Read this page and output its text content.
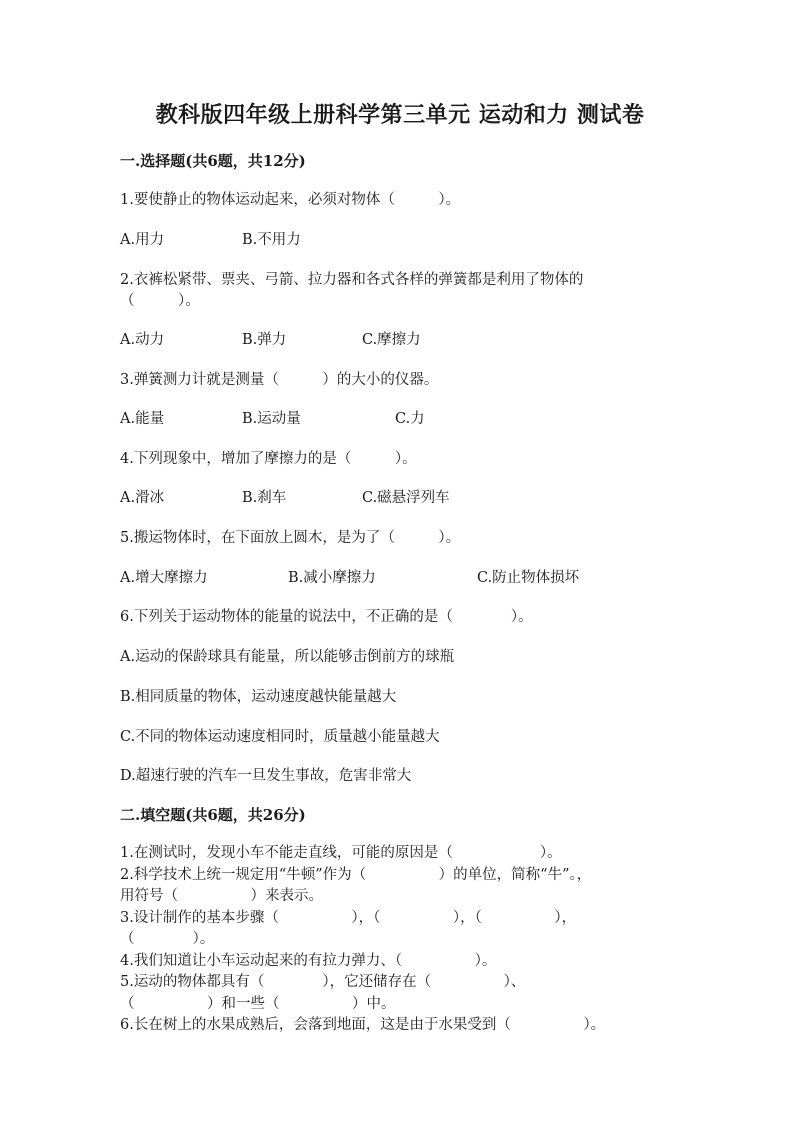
教科版四年级上册科学第三单元 运动和力 测试卷
一.选择题(共6题，共12分)
1.要使静止的物体运动起来，必须对物体（　　　）。
A.用力	B.不用力
2.衣裤松紧带、票夹、弓箭、拉力器和各式各样的弹簧都是利用了物体的
（　　　）。
A.动力	B.弹力	C.摩擦力
3.弹簧测力计就是测量（　　　）的大小的仪器。
A.能量	B.运动量	C.力
4.下列现象中，增加了摩擦力的是（　　　）。
A.滑冰	B.刹车	C.磁悬浮列车
5.搬运物体时，在下面放上圆木，是为了（　　　）。
A.增大摩擦力	B.减小摩擦力	C.防止物体损坏
6.下列关于运动物体的能量的说法中，不正确的是（　　　　）。
A.运动的保龄球具有能量，所以能够击倒前方的球瓶
B.相同质量的物体，运动速度越快能量越大
C.不同的物体运动速度相同时，质量越小能量越大
D.超速行驶的汽车一旦发生事故，危害非常大
二.填空题(共6题，共26分)
1.在测试时，发现小车不能走直线，可能的原因是（　　　　　　）。
2.科学技术上统一规定用“牛顿”作为（　　　　　）的单位，简称“牛”。，
用符号（　　　　　）来表示。
3.设计制作的基本步骤（　　　　　），（　　　　　），（　　　　　），
（　　　　）。
4.我们知道让小车运动起来的有拉力弹力、（　　　　　）。
5.运动的物体都具有（　　　　），它还储存在（　　　　　）、
（　　　　　）和一些（　　　　　）中。
6.长在树上的水果成熟后，会落到地面，这是由于水果受到（　　　　　）。
